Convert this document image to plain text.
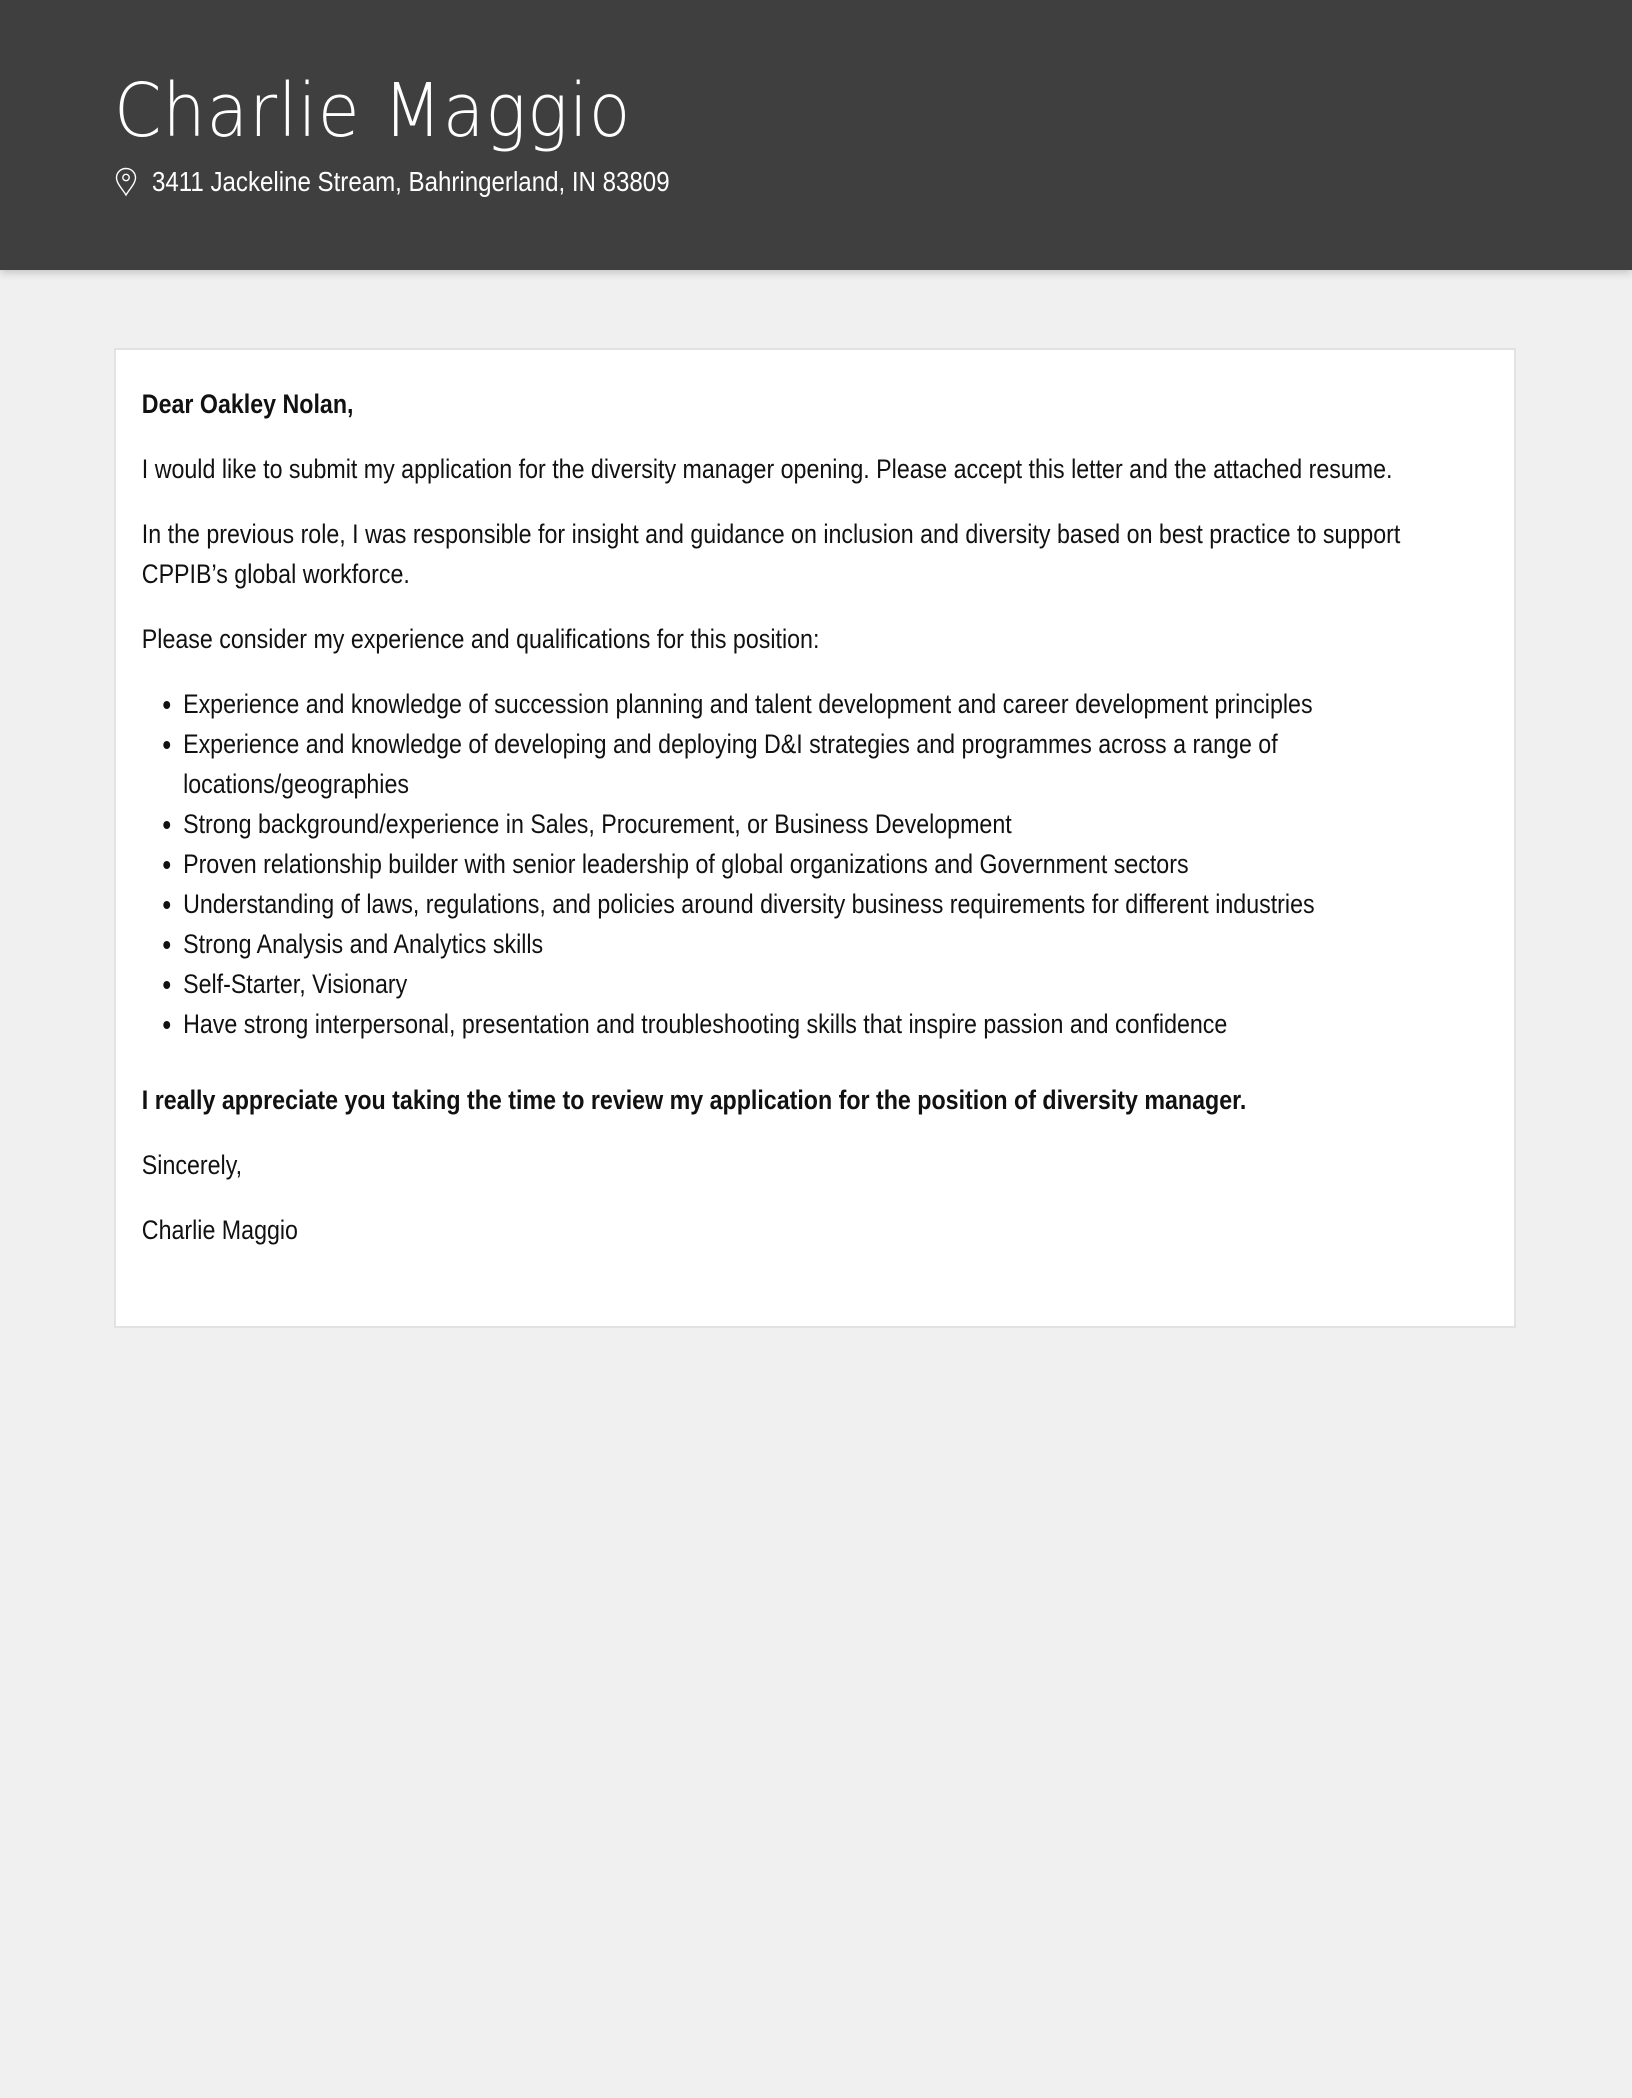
Charlie Maggio
3411 Jackeline Stream, Bahringerland, IN 83809

Dear Oakley Nolan,

I would like to submit my application for the diversity manager opening. Please accept this letter and the attached resume.

In the previous role, I was responsible for insight and guidance on inclusion and diversity based on best practice to support CPPIB’s global workforce.

Please consider my experience and qualifications for this position:

• Experience and knowledge of succession planning and talent development and career development principles
• Experience and knowledge of developing and deploying D&I strategies and programmes across a range of locations/geographies
• Strong background/experience in Sales, Procurement, or Business Development
• Proven relationship builder with senior leadership of global organizations and Government sectors
• Understanding of laws, regulations, and policies around diversity business requirements for different industries
• Strong Analysis and Analytics skills
• Self-Starter, Visionary
• Have strong interpersonal, presentation and troubleshooting skills that inspire passion and confidence

I really appreciate you taking the time to review my application for the position of diversity manager.

Sincerely,

Charlie Maggio
